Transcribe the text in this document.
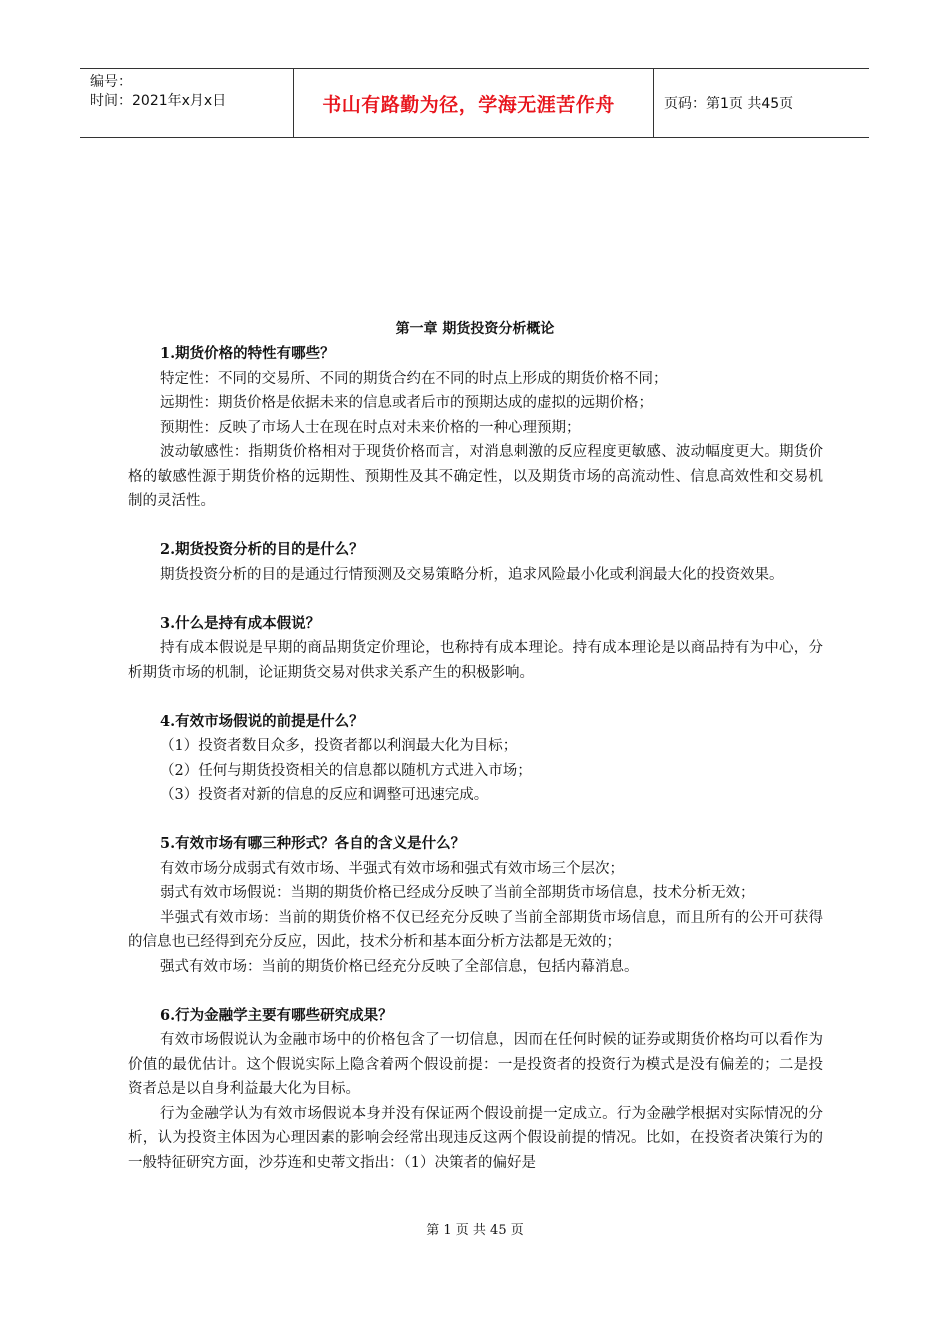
编号：
时间：2021年x月x日	书山有路勤为径，学海无涯苦作舟	页码：第1页 共45页
第一章 期货投资分析概论
1.期货价格的特性有哪些？

特定性：不同的交易所、不同的期货合约在不同的时点上形成的期货价格不同；

远期性：期货价格是依据未来的信息或者后市的预期达成的虚拟的远期价格；

预期性：反映了市场人士在现在时点对未来价格的一种心理预期；

波动敏感性：指期货价格相对于现货价格而言，对消息刺激的反应程度更敏感、波动幅度更大。期货价格的敏感性源于期货价格的远期性、预期性及其不确定性，以及期货市场的高流动性、信息高效性和交易机制的灵活性。

2.期货投资分析的目的是什么？

期货投资分析的目的是通过行情预测及交易策略分析，追求风险最小化或利润最大化的投资效果。

3.什么是持有成本假说？

持有成本假说是早期的商品期货定价理论，也称持有成本理论。持有成本理论是以商品持有为中心，分析期货市场的机制，论证期货交易对供求关系产生的积极影响。

4.有效市场假说的前提是什么？

（1）投资者数目众多，投资者都以利润最大化为目标；

（2）任何与期货投资相关的信息都以随机方式进入市场；

（3）投资者对新的信息的反应和调整可迅速完成。

5.有效市场有哪三种形式？各自的含义是什么？

有效市场分成弱式有效市场、半强式有效市场和强式有效市场三个层次；

弱式有效市场假说：当期的期货价格已经成分反映了当前全部期货市场信息，技术分析无效；

半强式有效市场：当前的期货价格不仅已经充分反映了当前全部期货市场信息，而且所有的公开可获得的信息也已经得到充分反应，因此，技术分析和基本面分析方法都是无效的；

强式有效市场：当前的期货价格已经充分反映了全部信息，包括内幕消息。

6.行为金融学主要有哪些研究成果？

有效市场假说认为金融市场中的价格包含了一切信息，因而在任何时候的证券或期货价格均可以看作为价值的最优估计。这个假说实际上隐含着两个假设前提：一是投资者的投资行为模式是没有偏差的；二是投资者总是以自身利益最大化为目标。

行为金融学认为有效市场假说本身并没有保证两个假设前提一定成立。行为金融学根据对实际情况的分析，认为投资主体因为心理因素的影响会经常出现违反这两个假设前提的情况。比如，在投资者决策行为的一般特征研究方面，沙芬连和史蒂文指出：（1）决策者的偏好是

第 1 页 共 45 页
